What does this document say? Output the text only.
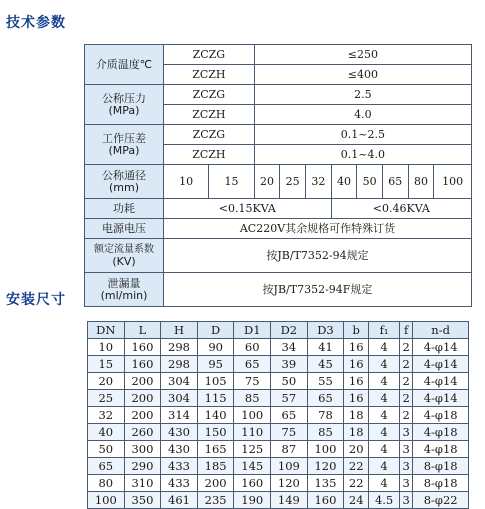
技术参数
介质温度℃	ZCZG		≤250							
	ZCZH		≤400							

公称压力
(MPa)	ZCZG		2.5							
	ZCZH		4.0							

工作压差
(MPa)	ZCZG		0.1~2.5							
	ZCZH		0.1~4.0							

公称通径
(mm)	10	15	20	25	32	40	50	65	80	100
功耗	<0.15KVA					<0.46KVA				
电源电压	AC220V其余规格可作特殊订货									

额定流量系数
(KV)	按JB/T7352-94规定									

泄漏量
(ml/min)	按JB/T7352-94F规定									
安装尺寸
DN	L	H	D	D1	D2	D3	b	f₁	f	n-d
10	160	298	90	60	34	41	16	4	2	4-φ14
15	160	298	95	65	39	45	16	4	2	4-φ14
20	200	304	105	75	50	55	16	4	2	4-φ14
25	200	304	115	85	57	65	16	4	2	4-φ14
32	200	314	140	100	65	78	18	4	2	4-φ18
40	260	430	150	110	75	85	18	4	3	4-φ18
50	300	430	165	125	87	100	20	4	3	4-φ18
65	290	433	185	145	109	120	22	4	3	8-φ18
80	310	433	200	160	120	135	22	4	3	8-φ18
100	350	461	235	190	149	160	24	4.5	3	8-φ22
